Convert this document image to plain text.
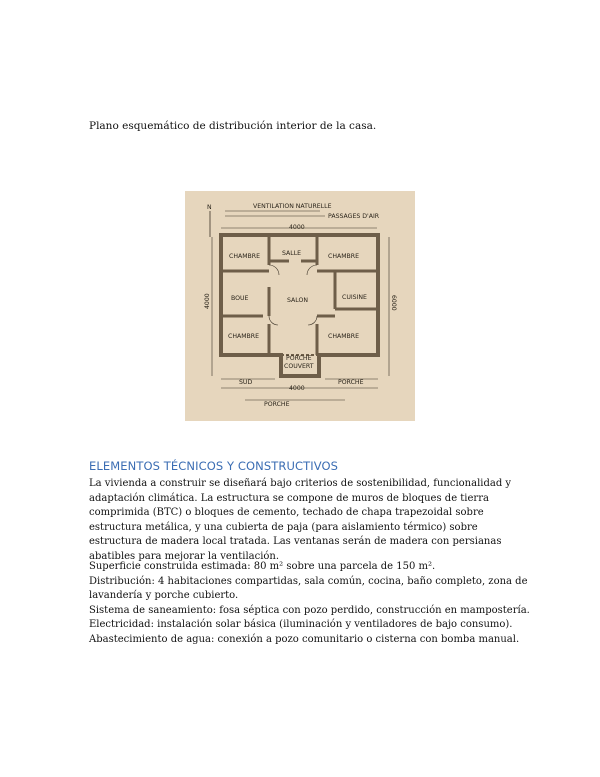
Plano esquemático de distribución interior de la casa.
N	VENTILATION NATURELLE
PASSAGES D'AIR
4000
4000	6000
CHAMBRE	SALLE	CHAMBRE
BOUE	SALON	CUISINE
CHAMBRE	CHAMBRE
PORCHE
COUVERT
SUD	PORCHE
4000
PORCHE
ELEMENTOS TÉCNICOS Y CONSTRUCTIVOS

La vivienda a construir se diseñará bajo criterios de sostenibilidad, funcionalidad y adaptación climática. La estructura se compone de muros de bloques de tierra comprimida (BTC) o bloques de cemento, techado de chapa trapezoidal sobre estructura metálica, y una cubierta de paja (para aislamiento térmico) sobre estructura de madera local tratada. Las ventanas serán de madera con persianas abatibles para mejorar la ventilación.

Superficie construida estimada: 80 m² sobre una parcela de 150 m².
Distribución: 4 habitaciones compartidas, sala común, cocina, baño completo, zona de
lavandería y porche cubierto.
Sistema de saneamiento: fosa séptica con pozo perdido, construcción en mampostería.
Electricidad: instalación solar básica (iluminación y ventiladores de bajo consumo).
Abastecimiento de agua: conexión a pozo comunitario o cisterna con bomba manual.
